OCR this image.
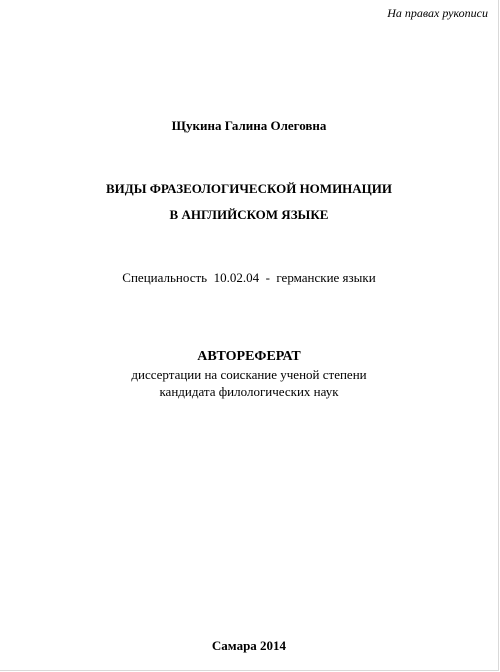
На правах рукописи
Щукина Галина Олеговна
ВИДЫ ФРАЗЕОЛОГИЧЕСКОЙ НОМИНАЦИИ
В АНГЛИЙСКОМ ЯЗЫКЕ
Специальность  10.02.04  -  германские языки
АВТОРЕФЕРАТ
диссертации на соискание ученой степени
кандидата филологических наук
Самара 2014
